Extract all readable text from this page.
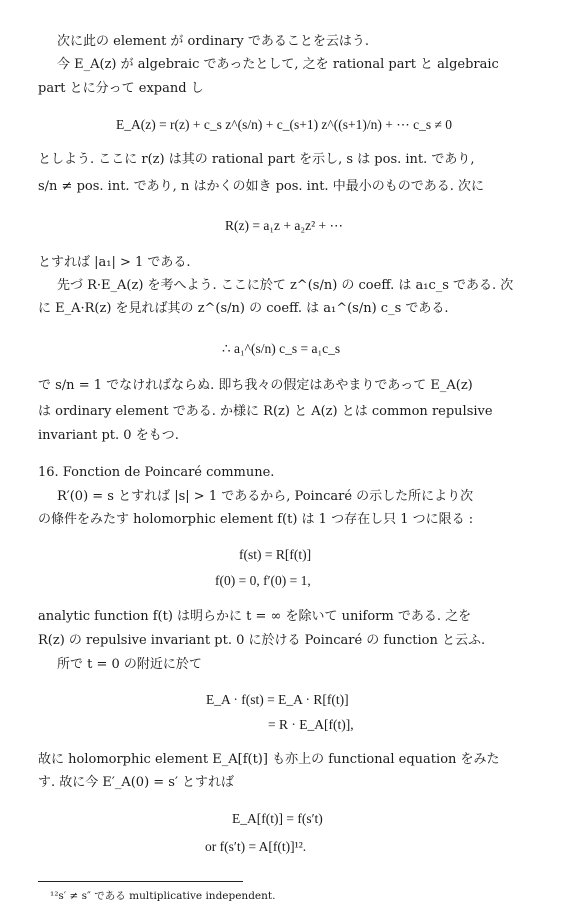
次に此の element が ordinary であることを云はう.
今 E_A(z) が algebraic であったとして, 之を rational part と algebraic
part とに分って expand し
E_A(z) = r(z) + c_s z^(s/n) + c_(s+1) z^((s+1)/n) + ⋯ c_s ≠ 0
としよう. ここに r(z) は其の rational part を示し, s は pos. int. であり,
s/n ≠ pos. int. であり, n はかくの如き pos. int. 中最小のものである. 次に
R(z) = a₁z + a₂z² + ⋯
とすれば |a₁| > 1 である.
先づ R·E_A(z) を考へよう. ここに於て z^(s/n) の coeff. は a₁c_s である. 次
に E_A·R(z) を見れば其の z^(s/n) の coeff. は a₁^(s/n) c_s である.
∴ a₁^(s/n) c_s = a₁c_s
で s/n = 1 でなければならぬ. 即ち我々の假定はあやまりであって E_A(z)
は ordinary element である. か様に R(z) と A(z) とは common repulsive
invariant pt. 0 をもつ.
16. Fonction de Poincaré commune.
R′(0) = s とすれば |s| > 1 であるから, Poincaré の示した所により次
の條件をみたす holomorphic element f(t) は 1 つ存在し只 1 つに限る :
f(st) = R[f(t)]
f(0) = 0, f′(0) = 1,
analytic function f(t) は明らかに t = ∞ を除いて uniform である. 之を
R(z) の repulsive invariant pt. 0 に於ける Poincaré の function と云ふ.
所で t = 0 の附近に於て
E_A · f(st) = E_A · R[f(t)]
= R · E_A[f(t)],
故に holomorphic element E_A[f(t)] も亦上の functional equation をみた
す. 故に今 E′_A(0) = s′ とすれば
E_A[f(t)] = f(s′t)
or f(s′t) = A[f(t)]¹².
¹²s′ ≠ s″ である multiplicative independent.
